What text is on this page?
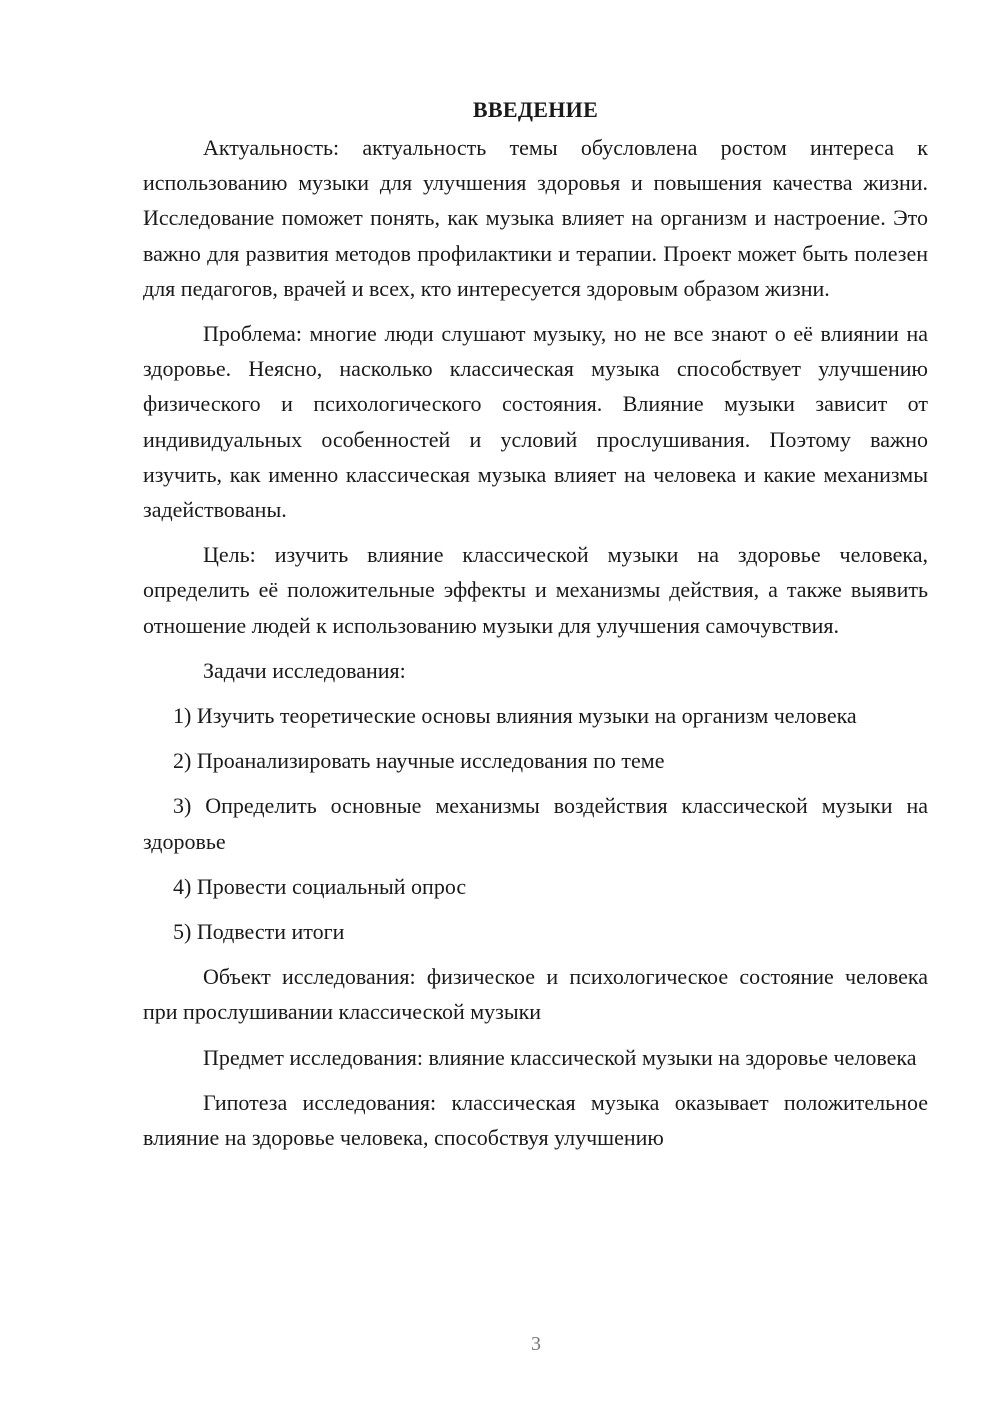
ВВЕДЕНИЕ

Актуальность: актуальность темы обусловлена ростом интереса к использованию музыки для улучшения здоровья и повышения качества жизни. Исследование поможет понять, как музыка влияет на организм и настроение. Это важно для развития методов профилактики и терапии. Проект может быть полезен для педагогов, врачей и всех, кто интересуется здоровым образом жизни.

Проблема: многие люди слушают музыку, но не все знают о её влиянии на здоровье. Неясно, насколько классическая музыка способствует улучшению физического и психологического состояния. Влияние музыки зависит от индивидуальных особенностей и условий прослушивания. Поэтому важно изучить, как именно классическая музыка влияет на человека и какие механизмы задействованы.

Цель: изучить влияние классической музыки на здоровье человека, определить её положительные эффекты и механизмы действия, а также выявить отношение людей к использованию музыки для улучшения самочувствия.

Задачи исследования:

1) Изучить теоретические основы влияния музыки на организм человека

2) Проанализировать научные исследования по теме

3) Определить основные механизмы воздействия классической музыки на здоровье

4) Провести социальный опрос

5) Подвести итоги

Объект исследования: физическое и психологическое состояние человека при прослушивании классической музыки

Предмет исследования: влияние классической музыки на здоровье человека

Гипотеза исследования: классическая музыка оказывает положительное влияние на здоровье человека, способствуя улучшению

3
